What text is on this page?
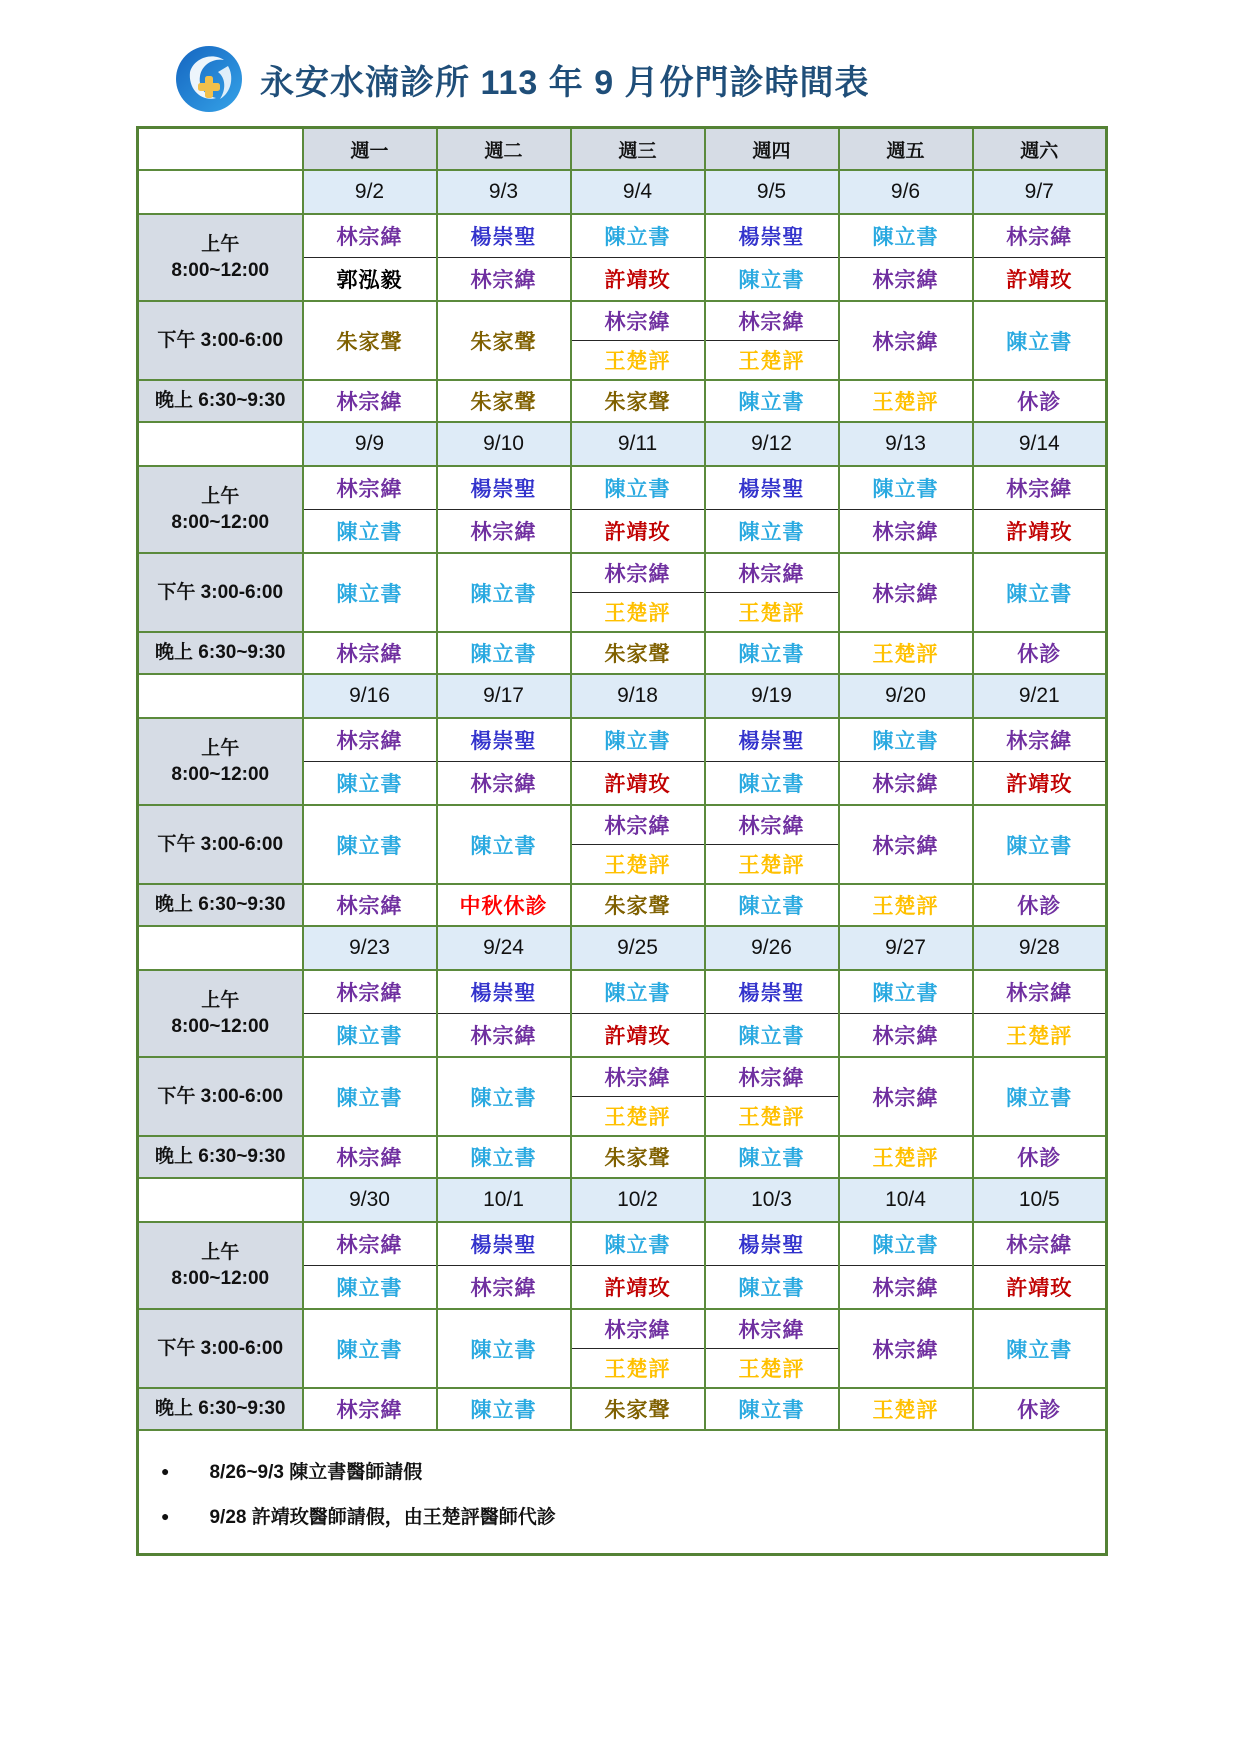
永安水湳診所 113 年 9 月份門診時間表
	週一	週二	週三	週四	週五	週六
	9/2	9/3	9/4	9/5	9/6	9/7

上午
8:00~12:00	林宗緯	楊崇聖	陳立書	楊崇聖	陳立書	林宗緯
	郭泓毅	林宗緯	許靖玫	陳立書	林宗緯	許靖玫
下午 3:00-6:00	朱家聲	朱家聲	林宗緯	林宗緯	林宗緯	陳立書
			王楚評	王楚評		
晚上 6:30~9:30	林宗緯	朱家聲	朱家聲	陳立書	王楚評	休診
	9/9	9/10	9/11	9/12	9/13	9/14

上午
8:00~12:00	林宗緯	楊崇聖	陳立書	楊崇聖	陳立書	林宗緯
	陳立書	林宗緯	許靖玫	陳立書	林宗緯	許靖玫
下午 3:00-6:00	陳立書	陳立書	林宗緯	林宗緯	林宗緯	陳立書
			王楚評	王楚評		
晚上 6:30~9:30	林宗緯	陳立書	朱家聲	陳立書	王楚評	休診
	9/16	9/17	9/18	9/19	9/20	9/21

上午
8:00~12:00	林宗緯	楊崇聖	陳立書	楊崇聖	陳立書	林宗緯
	陳立書	林宗緯	許靖玫	陳立書	林宗緯	許靖玫
下午 3:00-6:00	陳立書	陳立書	林宗緯	林宗緯	林宗緯	陳立書
			王楚評	王楚評		
晚上 6:30~9:30	林宗緯	中秋休診	朱家聲	陳立書	王楚評	休診
	9/23	9/24	9/25	9/26	9/27	9/28

上午
8:00~12:00	林宗緯	楊崇聖	陳立書	楊崇聖	陳立書	林宗緯
	陳立書	林宗緯	許靖玫	陳立書	林宗緯	王楚評
下午 3:00-6:00	陳立書	陳立書	林宗緯	林宗緯	林宗緯	陳立書
			王楚評	王楚評		
晚上 6:30~9:30	林宗緯	陳立書	朱家聲	陳立書	王楚評	休診
	9/30	10/1	10/2	10/3	10/4	10/5

上午
8:00~12:00	林宗緯	楊崇聖	陳立書	楊崇聖	陳立書	林宗緯
	陳立書	林宗緯	許靖玫	陳立書	林宗緯	許靖玫
下午 3:00-6:00	陳立書	陳立書	林宗緯	林宗緯	林宗緯	陳立書
			王楚評	王楚評		
晚上 6:30~9:30	林宗緯	陳立書	朱家聲	陳立書	王楚評	休診

● 8/26~9/3 陳立書醫師請假
● 9/28 許靖玫醫師請假，由王楚評醫師代診						
